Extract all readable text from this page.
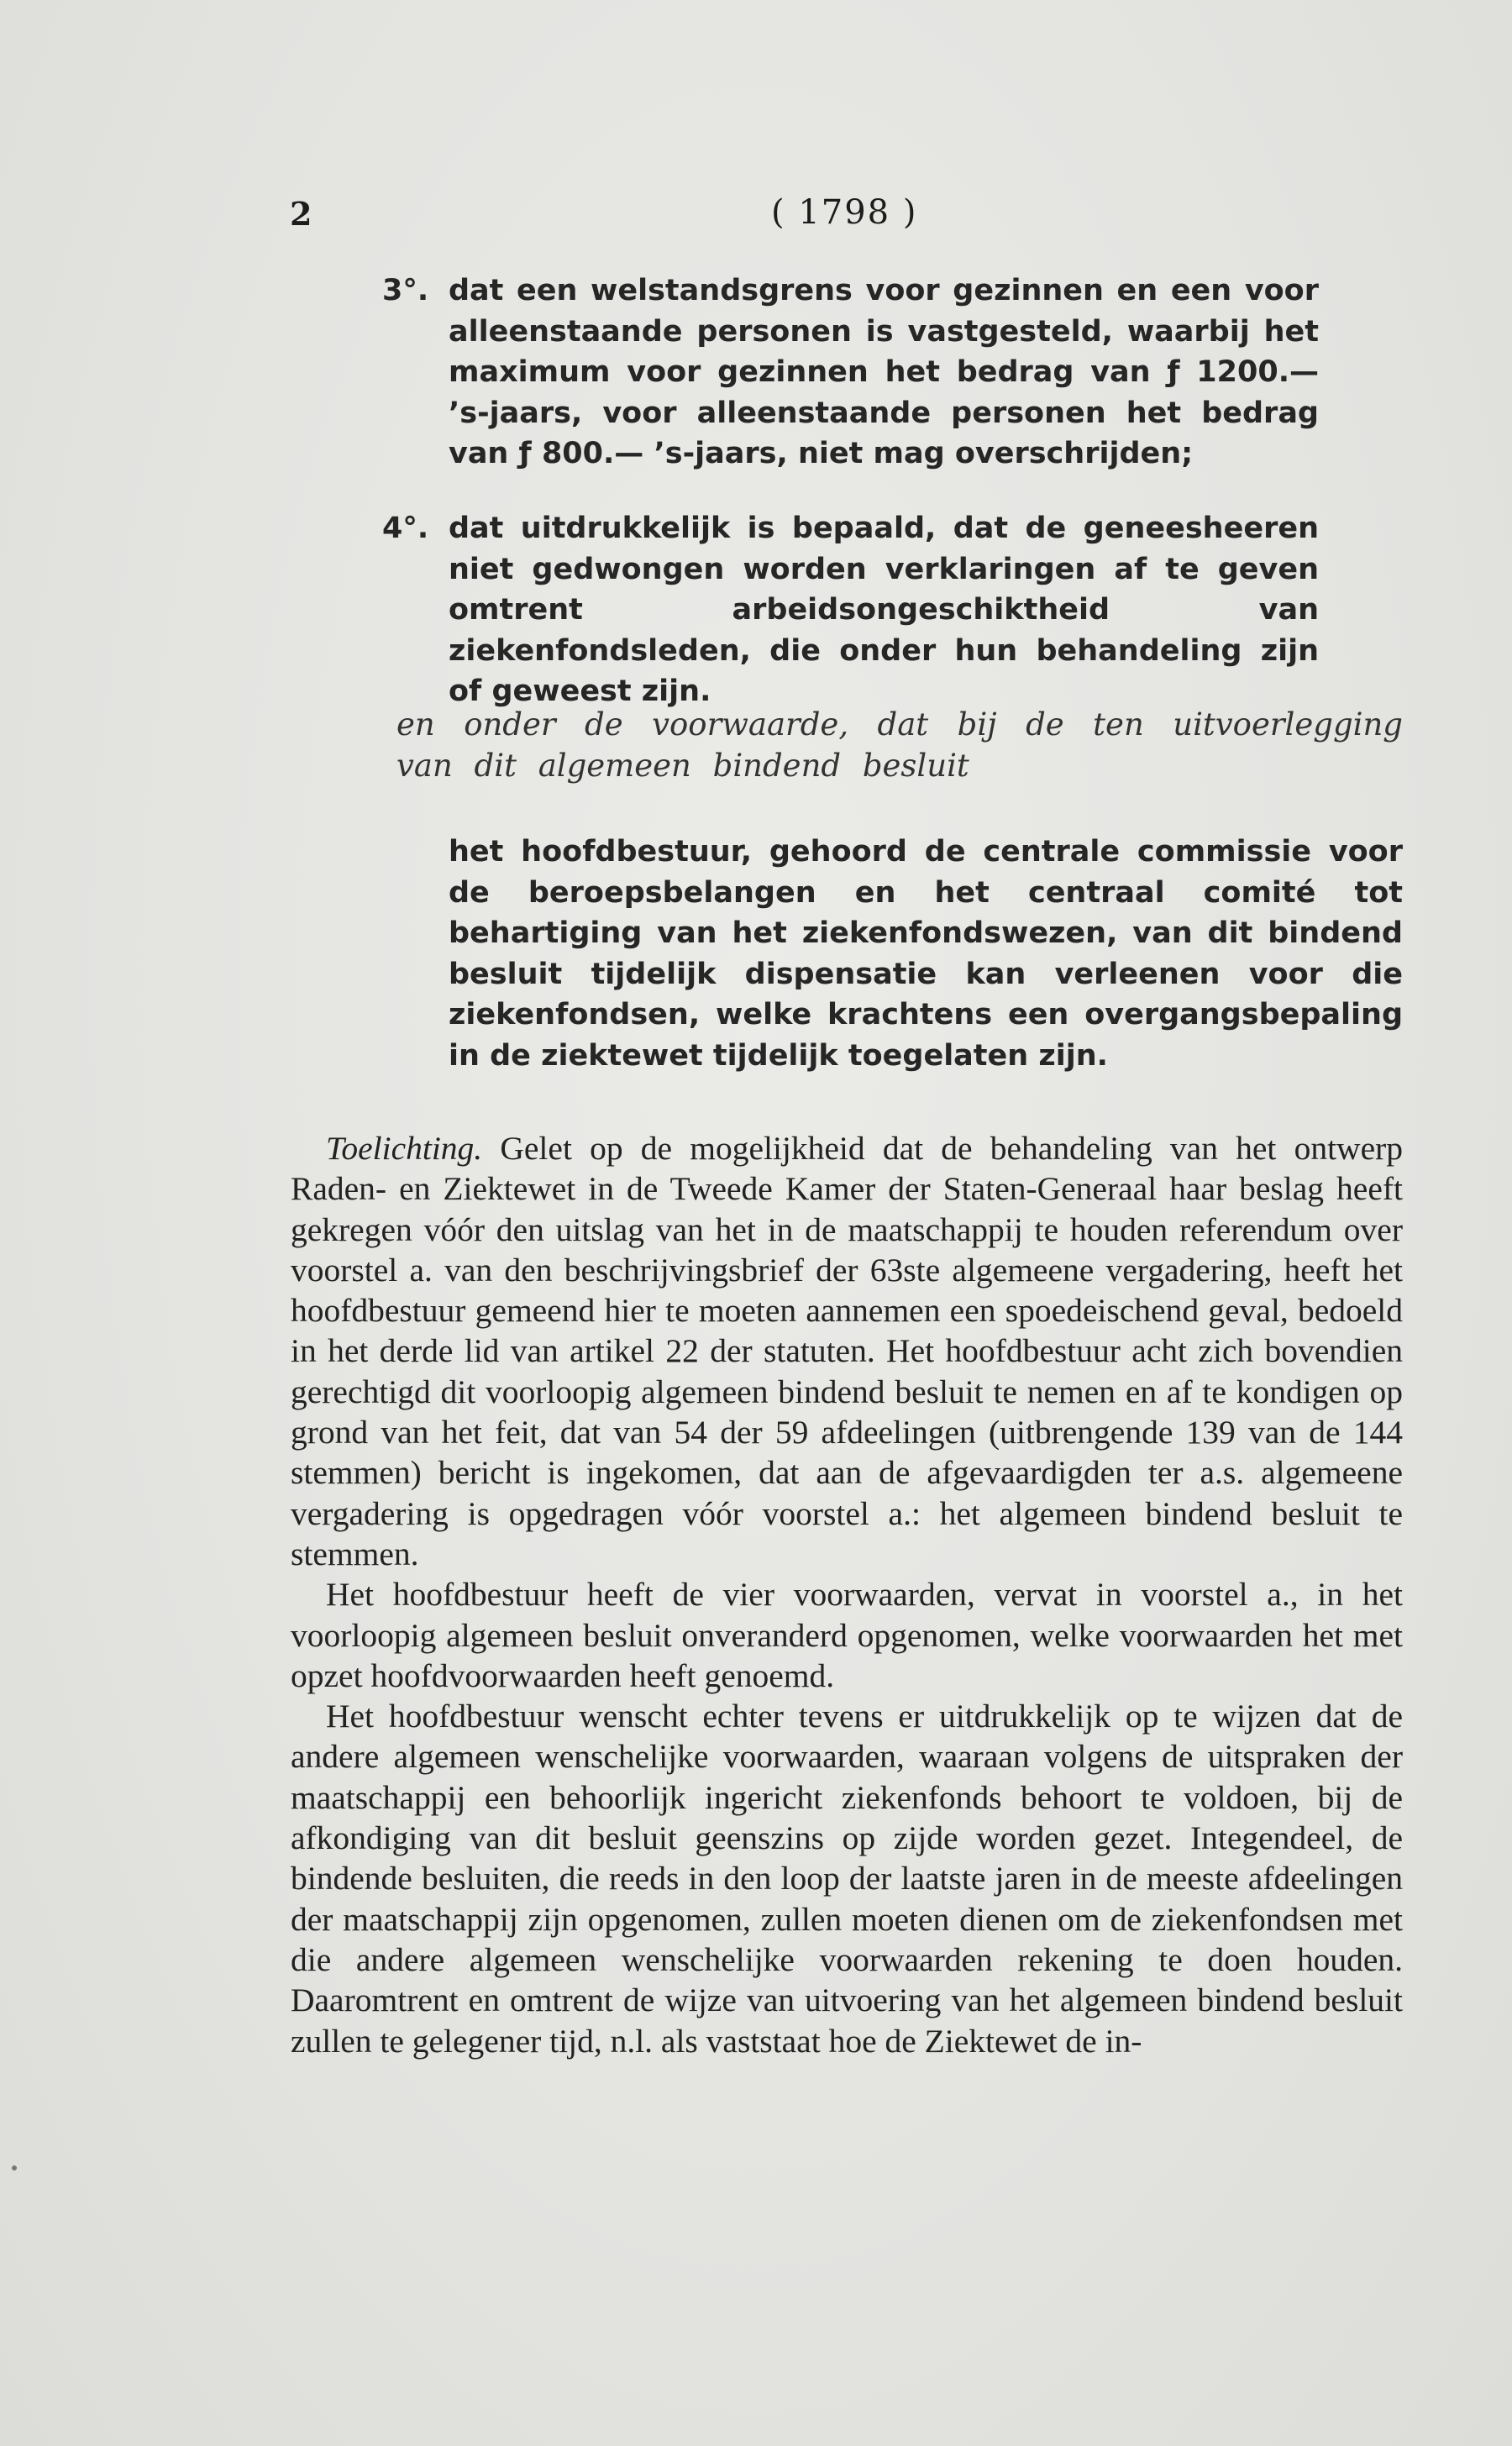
2	( 1798 )
3°. dat een welstandsgrens voor gezinnen en een voor alleenstaande personen is vastgesteld, waarbij het maximum voor gezinnen het bedrag van ƒ 1200.— ’s-jaars, voor alleenstaande personen het bedrag van ƒ 800.— ’s-jaars, niet mag overschrijden;
4°. dat uitdrukkelijk is bepaald, dat de geneesheeren niet gedwongen worden verklaringen af te geven omtrent arbeidsongeschiktheid van ziekenfondsleden, die onder hun behandeling zijn of geweest zijn.
en onder de voorwaarde, dat bij de ten uitvoerlegging van dit algemeen bindend besluit
het hoofdbestuur, gehoord de centrale commissie voor de beroepsbelangen en het centraal comité tot behartiging van het ziekenfondswezen, van dit bindend besluit tijdelijk dispensatie kan verleenen voor die ziekenfondsen, welke krachtens een overgangsbepaling in de ziektewet tijdelijk toegelaten zijn.

Toelichting. Gelet op de mogelijkheid dat de behandeling van het ontwerp Raden- en Ziektewet in de Tweede Kamer der Staten-Generaal haar beslag heeft gekregen vóór den uitslag van het in de maatschappij te houden referendum over voorstel a. van den beschrijvingsbrief der 63ste algemeene vergadering, heeft het hoofdbestuur gemeend hier te moeten aannemen een spoedeischend geval, bedoeld in het derde lid van artikel 22 der statuten. Het hoofdbestuur acht zich bovendien gerechtigd dit voorloopig algemeen bindend besluit te nemen en af te kondigen op grond van het feit, dat van 54 der 59 afdeelingen (uitbrengende 139 van de 144 stemmen) bericht is ingekomen, dat aan de afgevaardigden ter a.s. algemeene vergadering is opgedragen vóór voorstel a.: het algemeen bindend besluit te stemmen.

Het hoofdbestuur heeft de vier voorwaarden, vervat in voorstel a., in het voorloopig algemeen besluit onveranderd opgenomen, welke voorwaarden het met opzet hoofdvoorwaarden heeft genoemd.

Het hoofdbestuur wenscht echter tevens er uitdrukkelijk op te wijzen dat de andere algemeen wenschelijke voorwaarden, waaraan volgens de uitspraken der maatschappij een behoorlijk ingericht ziekenfonds behoort te voldoen, bij de afkondiging van dit besluit geenszins op zijde worden gezet. Integendeel, de bindende besluiten, die reeds in den loop der laatste jaren in de meeste afdeelingen der maatschappij zijn opgenomen, zullen moeten dienen om de ziekenfondsen met die andere algemeen wenschelijke voorwaarden rekening te doen houden. Daaromtrent en omtrent de wijze van uitvoering van het algemeen bindend besluit zullen te gelegener tijd, n.l. als vaststaat hoe de Ziektewet de in-
